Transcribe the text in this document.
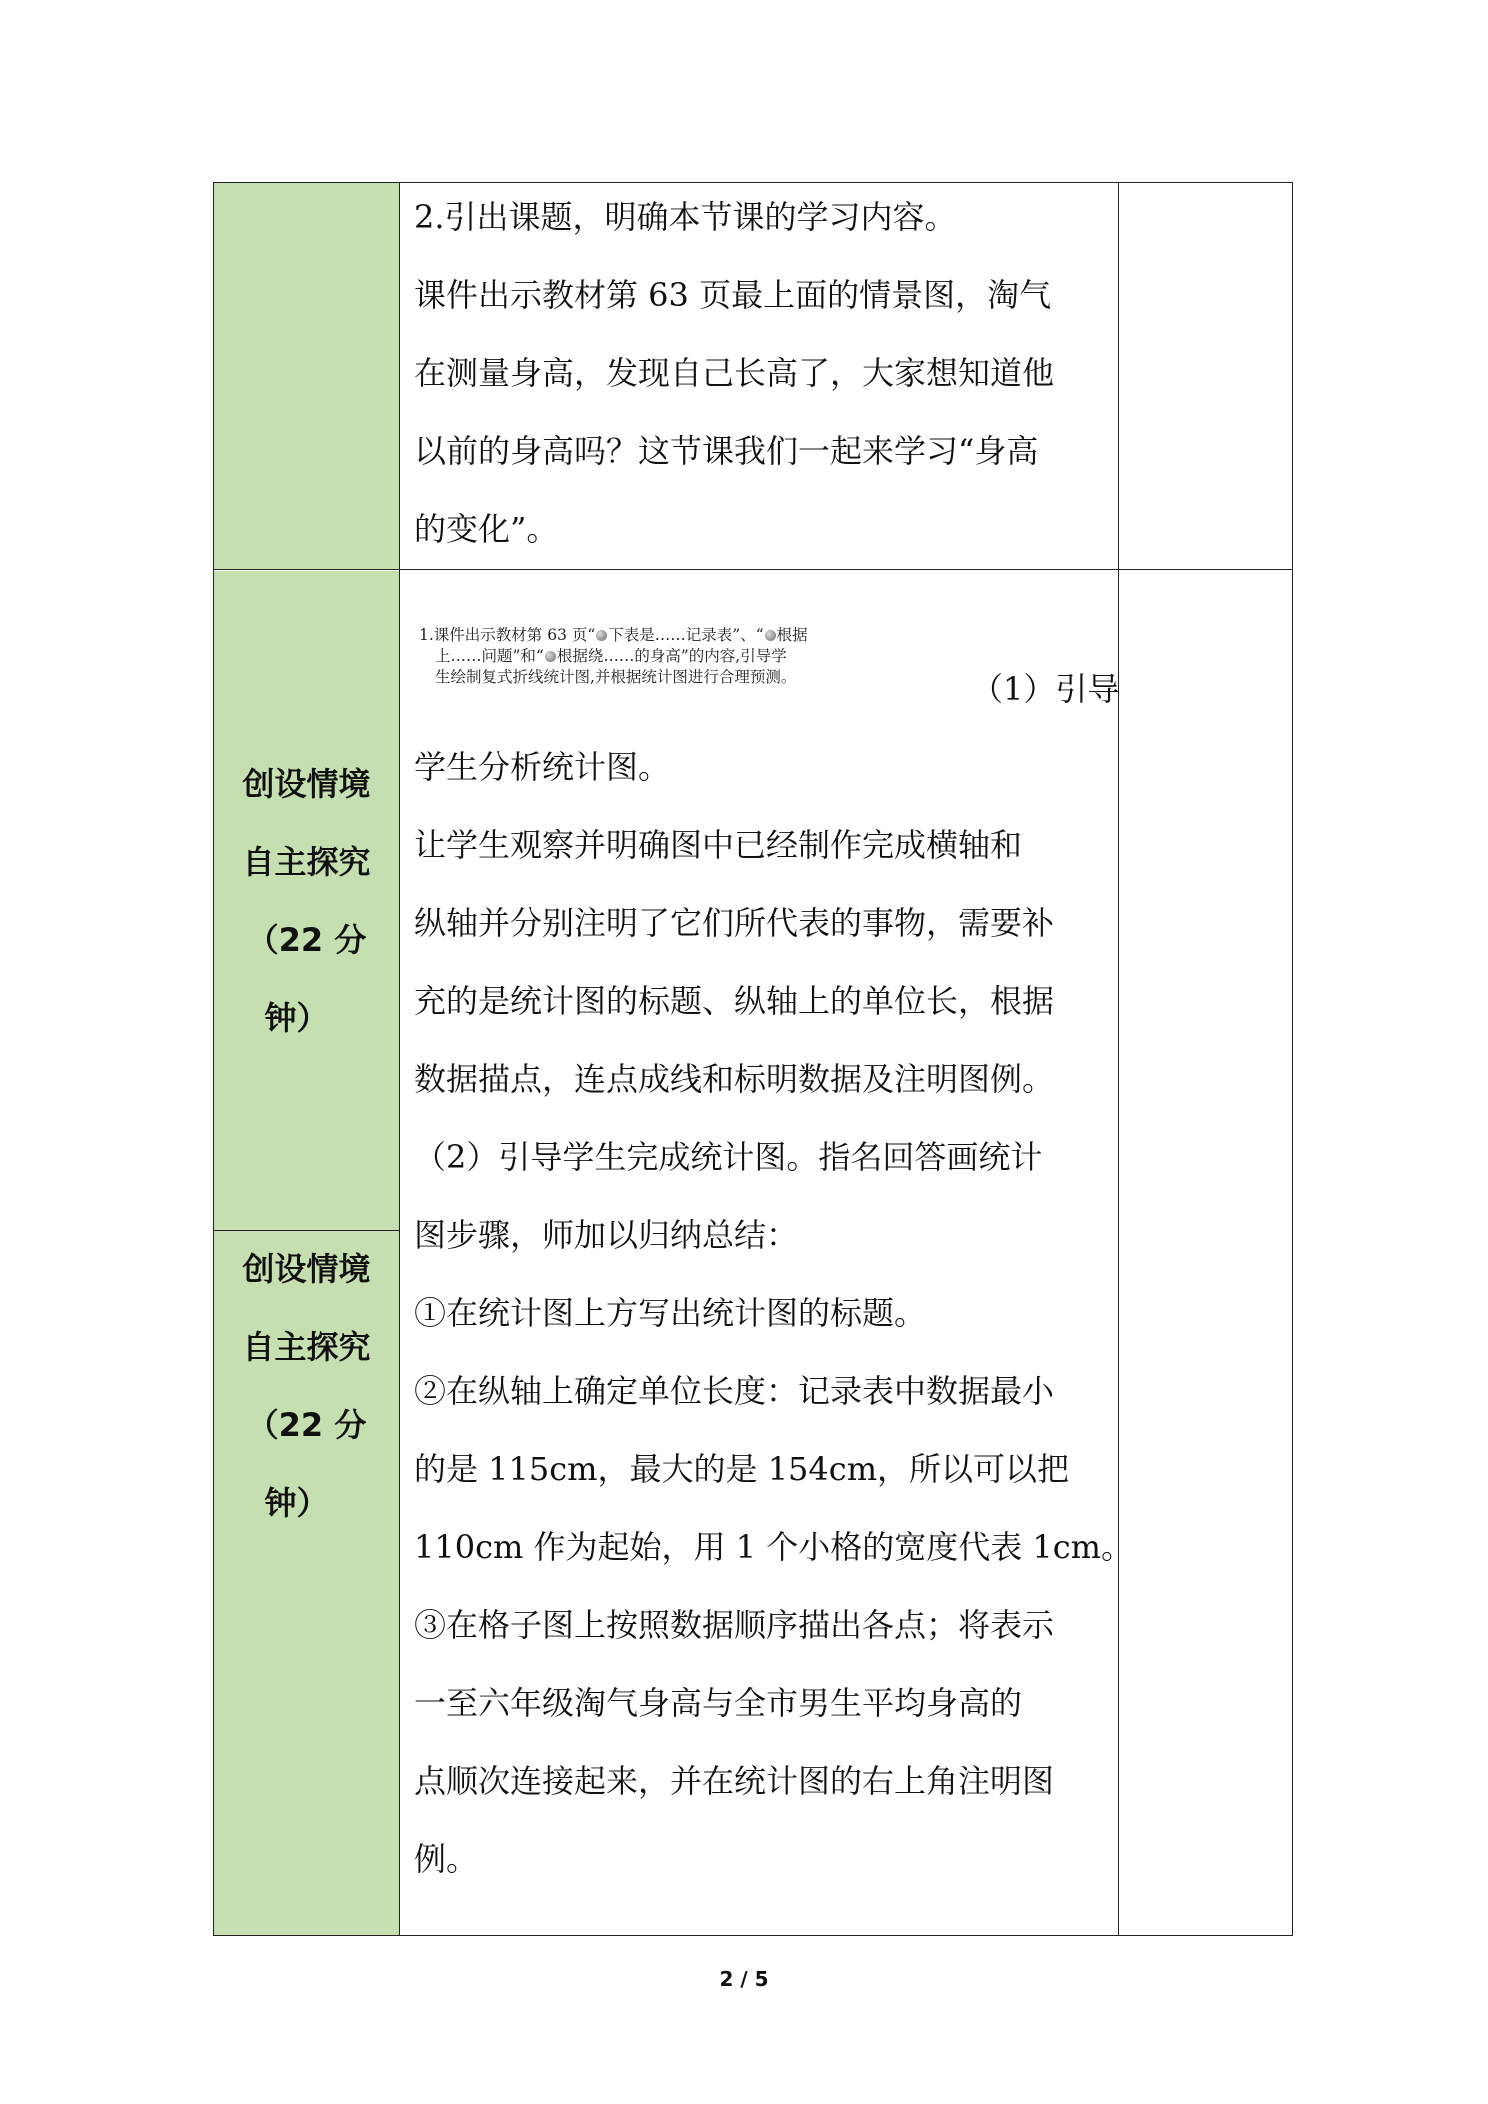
2.引出课题，明确本节课的学习内容。

课件出示教材第 63 页最上面的情景图，淘气

在测量身高，发现自己长高了，大家想知道他

以前的身高吗？这节课我们一起来学习“身高

的变化”。

创设情境
自主探究
（22 分
钟）
创设情境
自主探究
（22 分
钟）
1.课件出示教材第 63 页“ 下表是……记录表”、“ 根据
上……问题”和“ 根据绕……的身高”的内容,引导学
生绘制复式折线统计图,并根据统计图进行合理预测。	（1）引导

学生分析统计图。

让学生观察并明确图中已经制作完成横轴和

纵轴并分别注明了它们所代表的事物，需要补

充的是统计图的标题、纵轴上的单位长，根据

数据描点，连点成线和标明数据及注明图例。

（2）引导学生完成统计图。指名回答画统计

图步骤，师加以归纳总结：

①在统计图上方写出统计图的标题。

②在纵轴上确定单位长度：记录表中数据最小

的是 115cm，最大的是 154cm，所以可以把

110cm 作为起始，用 1 个小格的宽度代表 1cm。

③在格子图上按照数据顺序描出各点；将表示

一至六年级淘气身高与全市男生平均身高的

点顺次连接起来，并在统计图的右上角注明图

例。

2 / 5
